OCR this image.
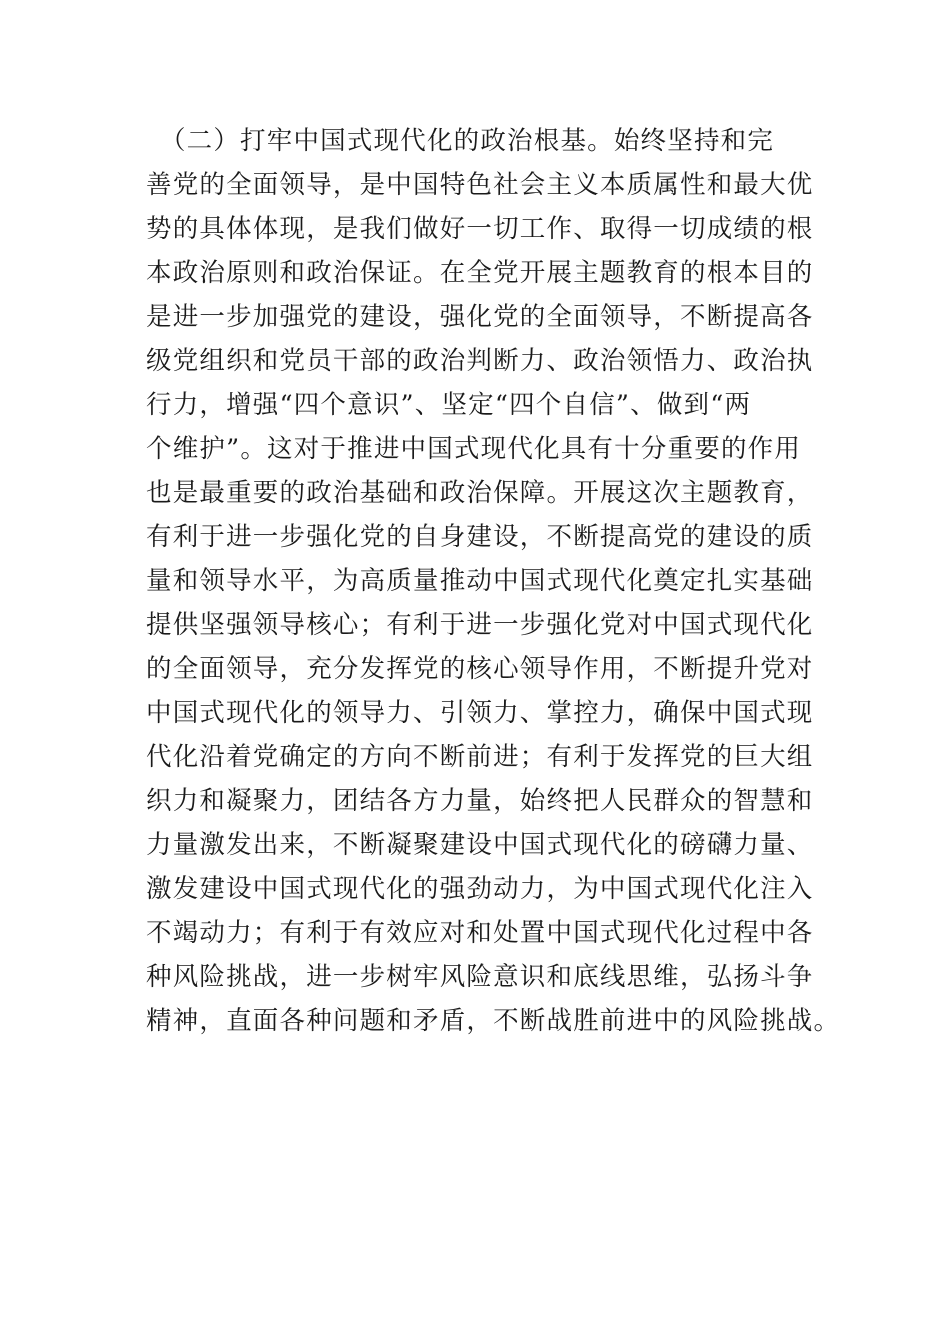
　（二）打牢中国式现代化的政治根基。始终坚持和完
善党的全面领导，是中国特色社会主义本质属性和最大优
势的具体体现，是我们做好一切工作、取得一切成绩的根
本政治原则和政治保证。在全党开展主题教育的根本目的
是进一步加强党的建设，强化党的全面领导，不断提高各
级党组织和党员干部的政治判断力、政治领悟力、政治执
行力，增强“四个意识”、坚定“四个自信”、做到“两
个维护”。这对于推进中国式现代化具有十分重要的作用
也是最重要的政治基础和政治保障。开展这次主题教育，
有利于进一步强化党的自身建设，不断提高党的建设的质
量和领导水平，为高质量推动中国式现代化奠定扎实基础
提供坚强领导核心；有利于进一步强化党对中国式现代化
的全面领导，充分发挥党的核心领导作用，不断提升党对
中国式现代化的领导力、引领力、掌控力，确保中国式现
代化沿着党确定的方向不断前进；有利于发挥党的巨大组
织力和凝聚力，团结各方力量，始终把人民群众的智慧和
力量激发出来，不断凝聚建设中国式现代化的磅礴力量、
激发建设中国式现代化的强劲动力，为中国式现代化注入
不竭动力；有利于有效应对和处置中国式现代化过程中各
种风险挑战，进一步树牢风险意识和底线思维，弘扬斗争
精神，直面各种问题和矛盾，不断战胜前进中的风险挑战。
